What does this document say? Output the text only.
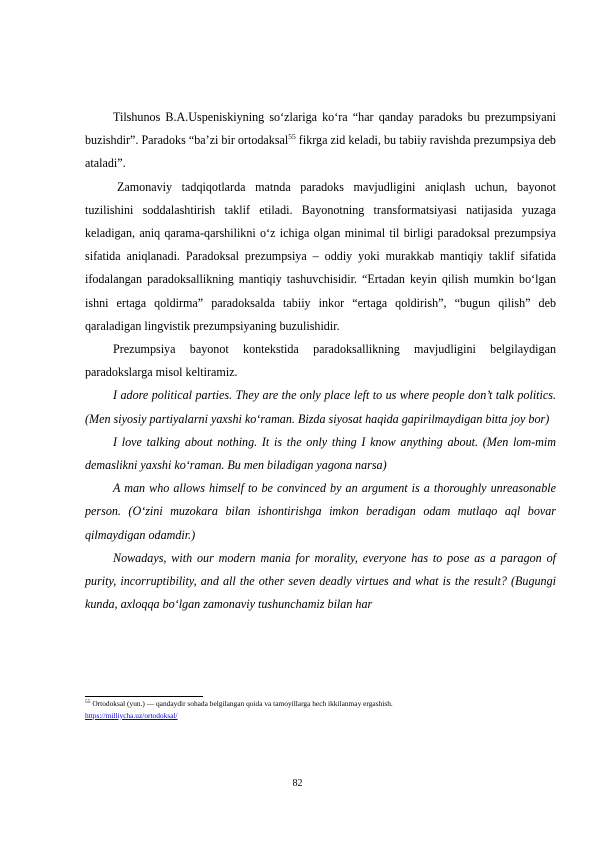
Tilshunos B.A.Uspeniskiyning so‘zlariga ko‘ra “har qanday paradoks bu prezumpsiyani buzishdir”. Paradoks “ba’zi bir ortodaksal$^{55}$ fikrga zid keladi, bu tabiiy ravishda prezumpsiya deb ataladi”.

Zamonaviy tadqiqotlarda matnda paradoks mavjudligini aniqlash uchun, bayonot tuzilishini soddalashtirish taklif etiladi. Bayonotning transformatsiyasi natijasida yuzaga keladigan, aniq qarama-qarshilikni o‘z ichiga olgan minimal til birligi paradoksal prezumpsiya sifatida aniqlanadi. Paradoksal prezumpsiya – oddiy yoki murakkab mantiqiy taklif sifatida ifodalangan paradoksallikning mantiqiy tashuvchisidir. “Ertadan keyin qilish mumkin bo‘lgan ishni ertaga qoldirma” paradoksalda tabiiy inkor “ertaga qoldirish”, “bugun qilish” deb qaraladigan lingvistik prezumpsiyaning buzulishidir.

Prezumpsiya bayonot kontekstida paradoksallikning mavjudligini belgilaydigan paradokslarga misol keltiramiz.

I adore political parties. They are the only place left to us where people don’t talk politics. (Men siyosiy partiyalarni yaxshi ko‘raman. Bizda siyosat haqida gapirilmaydigan bitta joy bor)

I love talking about nothing. It is the only thing I know anything about. (Men lom-mim demaslikni yaxshi ko‘raman. Bu men biladigan yagona narsa)

A man who allows himself to be convinced by an argument is a thoroughly unreasonable person. (O‘zini muzokara bilan ishontirishga imkon beradigan odam mutlaqo aql bovar qilmaydigan odamdir.)

Nowadays, with our modern mania for morality, everyone has to pose as a paragon of purity, incorruptibility, and all the other seven deadly virtues and what is the result? (Bugungi kunda, axloqqa bo‘lgan zamonaviy tushunchamiz bilan har

$^{55}$ Ortodoksal (yun.) — qandaydir sohada belgilangan qoida va tamoyillarga hech ikkilanmay ergashish.
https://milliycha.uz/ortodoksal/
82
